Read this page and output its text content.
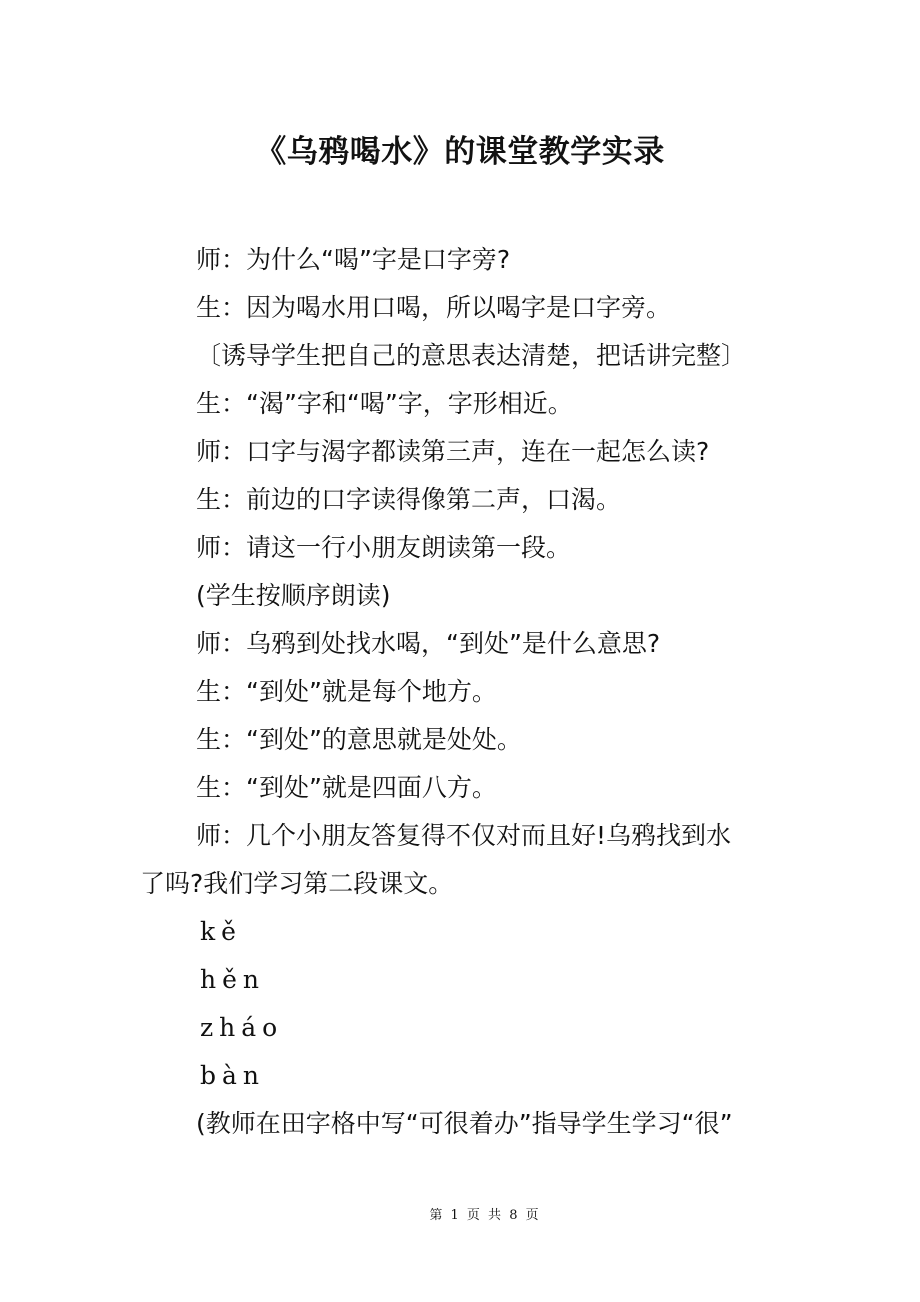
《乌鸦喝水》的课堂教学实录
师：为什么“喝”字是口字旁?
生：因为喝水用口喝，所以喝字是口字旁。
〔诱导学生把自己的意思表达清楚，把话讲完整〕
生：“渴”字和“喝”字，字形相近。
师：口字与渴字都读第三声，连在一起怎么读?
生：前边的口字读得像第二声，口渴。
师：请这一行小朋友朗读第一段。
(学生按顺序朗读)
师：乌鸦到处找水喝，“到处”是什么意思?
生：“到处”就是每个地方。
生：“到处”的意思就是处处。
生：“到处”就是四面八方。
师：几个小朋友答复得不仅对而且好!乌鸦找到水
了吗?我们学习第二段课文。
kě
hěn
zháo
bàn
(教师在田字格中写“可很着办”指导学生学习“很”
第 1 页 共 8 页
